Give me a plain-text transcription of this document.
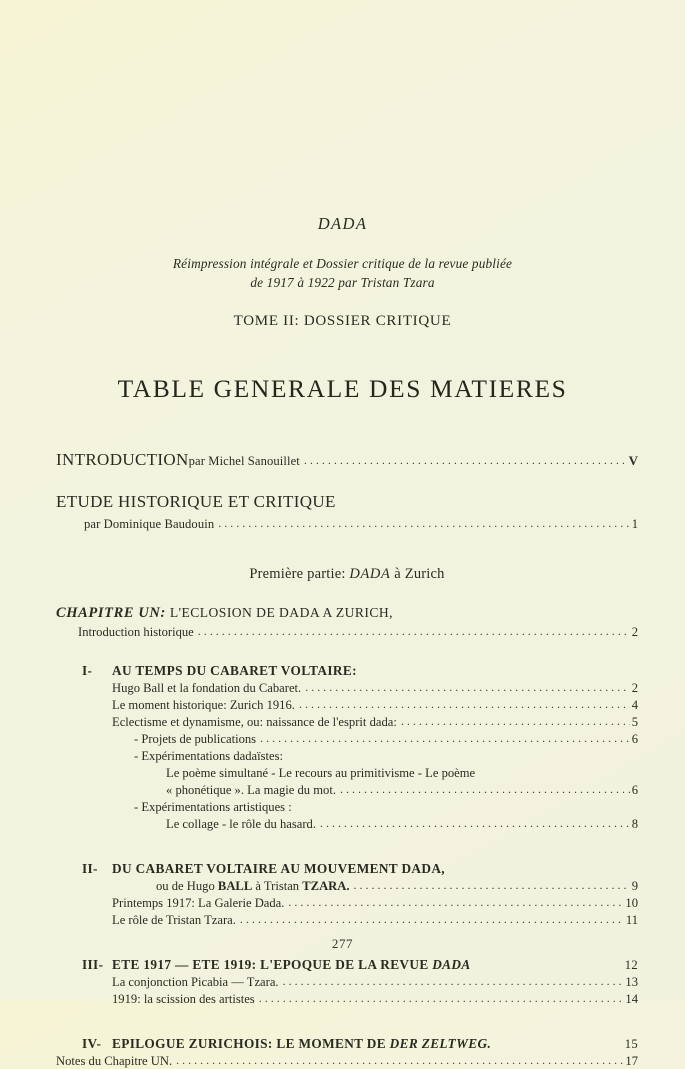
DADA
Réimpression intégrale et Dossier critique de la revue publiée
de 1917 à 1922 par Tristan Tzara
TOME II: DOSSIER CRITIQUE
TABLE GENERALE DES MATIERES
INTRODUCTIONpar Michel Sanouillet . . .	V
ETUDE HISTORIQUE ET CRITIQUE
par Dominique Baudouin . . .	1
Première partie: DADA à Zurich
CHAPITRE UN: L'ECLOSION DE DADA A ZURICH,
Introduction historique . . .	2
I-	AU TEMPS DU CABARET VOLTAIRE:
Hugo Ball et la fondation du Cabaret. . . .	2
Le moment historique: Zurich 1916. . . .	4
Eclectisme et dynamisme, ou: naissance de l'esprit dada: . . .	5
- Projets de publications . . .	6
- Expérimentations dadaïstes:
Le poème simultané - Le recours au primitivisme - Le poème
« phonétique ». La magie du mot. . . .	6
- Expérimentations artistiques :
Le collage - le rôle du hasard. . . .	8
II-	DU CABARET VOLTAIRE AU MOUVEMENT DADA,
ou de Hugo BALL à Tristan TZARA. . . .	9
Printemps 1917: La Galerie Dada. . . .	10
Le rôle de Tristan Tzara. . . .	11
III- ETE 1917 — ETE 1919: L'EPOQUE DE LA REVUE DADA	12
La conjonction Picabia — Tzara. . . .	13
1919: la scission des artistes . . .	14
IV- EPILOGUE ZURICHOIS: LE MOMENT DE DER ZELTWEG.	15
Notes du Chapitre UN. . . .	17
277
